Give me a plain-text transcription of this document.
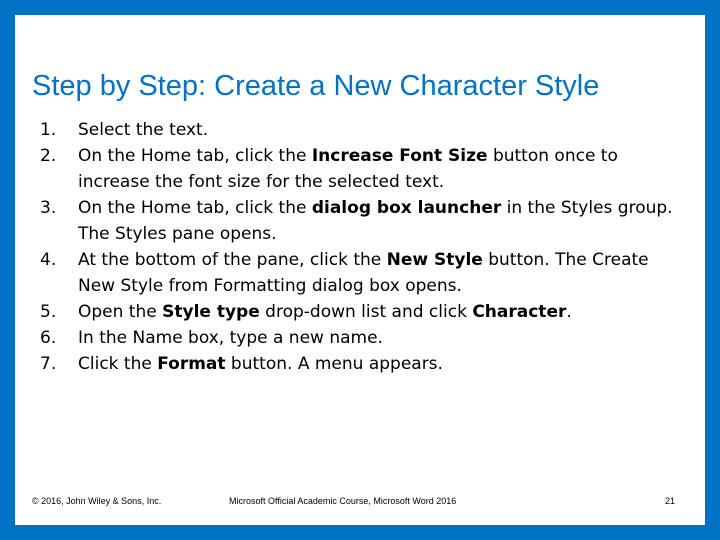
Step by Step: Create a New Character Style
1.	Select the text.
2.	On the Home tab, click the Increase Font Size button once to increase the font size for the selected text.
3.	On the Home tab, click the dialog box launcher in the Styles group. The Styles pane opens.
4.	At the bottom of the pane, click the New Style button. The Create New Style from Formatting dialog box opens.
5.	Open the Style type drop-down list and click Character.
6.	In the Name box, type a new name.
7.	Click the Format button. A menu appears.
© 2016, John Wiley & Sons, Inc.	Microsoft Official Academic Course, Microsoft Word 2016	21
